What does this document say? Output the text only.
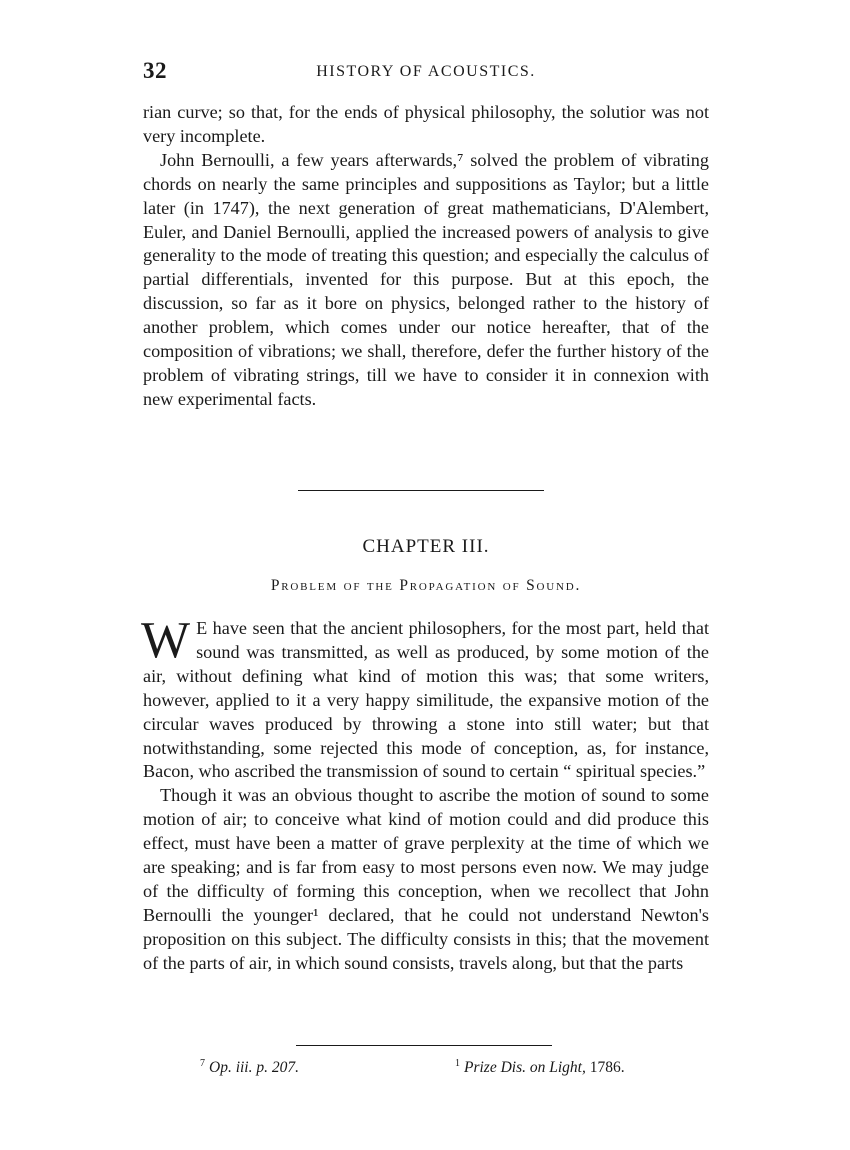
32	HISTORY OF ACOUSTICS.

rian curve; so that, for the ends of physical philosophy, the solutior was not very incomplete.

John Bernoulli, a few years afterwards,⁷ solved the problem of vibrating chords on nearly the same principles and suppositions as Taylor; but a little later (in 1747), the next generation of great mathematicians, D'Alembert, Euler, and Daniel Bernoulli, applied the increased powers of analysis to give generality to the mode of treating this question; and especially the calculus of partial differentials, invented for this purpose. But at this epoch, the discussion, so far as it bore on physics, belonged rather to the history of another problem, which comes under our notice hereafter, that of the composition of vibrations; we shall, therefore, defer the further history of the problem of vibrating strings, till we have to consider it in connexion with new experimental facts.

CHAPTER III.
Problem of the Propagation of Sound.

W E have seen that the ancient philosophers, for the most part, held that sound was transmitted, as well as produced, by some motion of the air, without defining what kind of motion this was; that some writers, however, applied to it a very happy similitude, the expansive motion of the circular waves produced by throwing a stone into still water; but that notwithstanding, some rejected this mode of conception, as, for instance, Bacon, who ascribed the transmission of sound to certain “ spiritual species.”

Though it was an obvious thought to ascribe the motion of sound to some motion of air; to conceive what kind of motion could and did produce this effect, must have been a matter of grave perplexity at the time of which we are speaking; and is far from easy to most persons even now. We may judge of the difficulty of forming this conception, when we recollect that John Bernoulli the younger¹ declared, that he could not understand Newton's proposition on this subject. The difficulty consists in this; that the movement of the parts of air, in which sound consists, travels along, but that the parts

$^7$ Op. iii. p. 207.	$^1$ Prize Dis. on Light, 1786.
